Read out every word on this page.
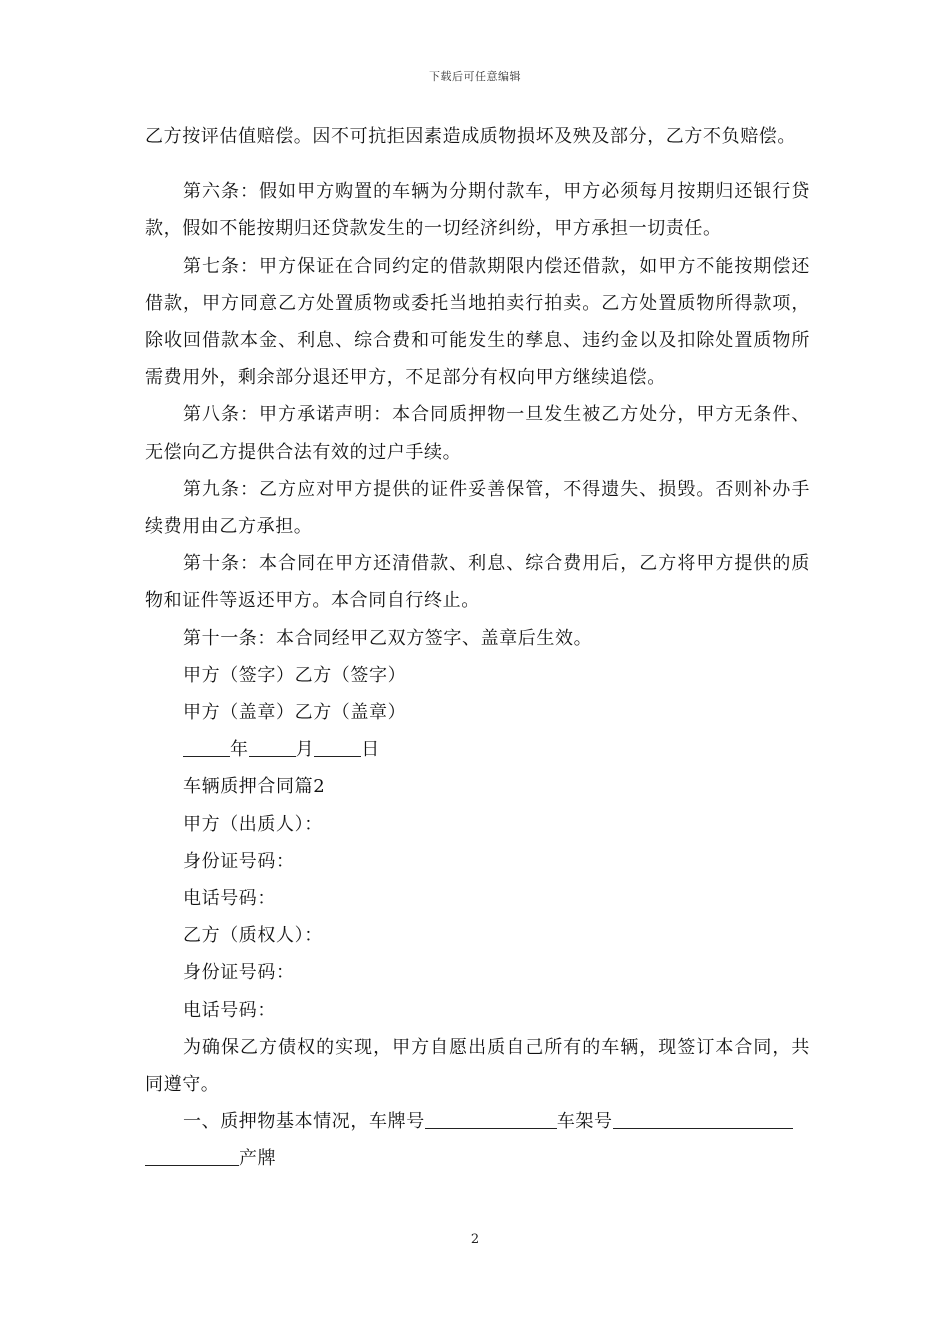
下载后可任意编辑

乙方按评估值赔偿。因不可抗拒因素造成质物损坏及殃及部分，乙方不负赔偿。

第六条：假如甲方购置的车辆为分期付款车，甲方必须每月按期归还银行贷款，假如不能按期归还贷款发生的一切经济纠纷，甲方承担一切责任。

第七条：甲方保证在合同约定的借款期限内偿还借款，如甲方不能按期偿还借款，甲方同意乙方处置质物或委托当地拍卖行拍卖。乙方处置质物所得款项，除收回借款本金、利息、综合费和可能发生的孳息、违约金以及扣除处置质物所需费用外，剩余部分退还甲方，不足部分有权向甲方继续追偿。

第八条：甲方承诺声明：本合同质押物一旦发生被乙方处分，甲方无条件、无偿向乙方提供合法有效的过户手续。

第九条：乙方应对甲方提供的证件妥善保管，不得遗失、损毁。否则补办手续费用由乙方承担。

第十条：本合同在甲方还清借款、利息、综合费用后，乙方将甲方提供的质物和证件等返还甲方。本合同自行终止。

第十一条：本合同经甲乙双方签字、盖章后生效。

甲方（签字）乙方（签字）

甲方（盖章）乙方（盖章）

年	月	日

车辆质押合同篇2

甲方（出质人）：

身份证号码：

电话号码：

乙方（质权人）：

身份证号码：

电话号码：

为确保乙方债权的实现，甲方自愿出质自己所有的车辆，现签订本合同，共同遵守。

一、质押物基本情况，车牌号	车架号

产牌

2
